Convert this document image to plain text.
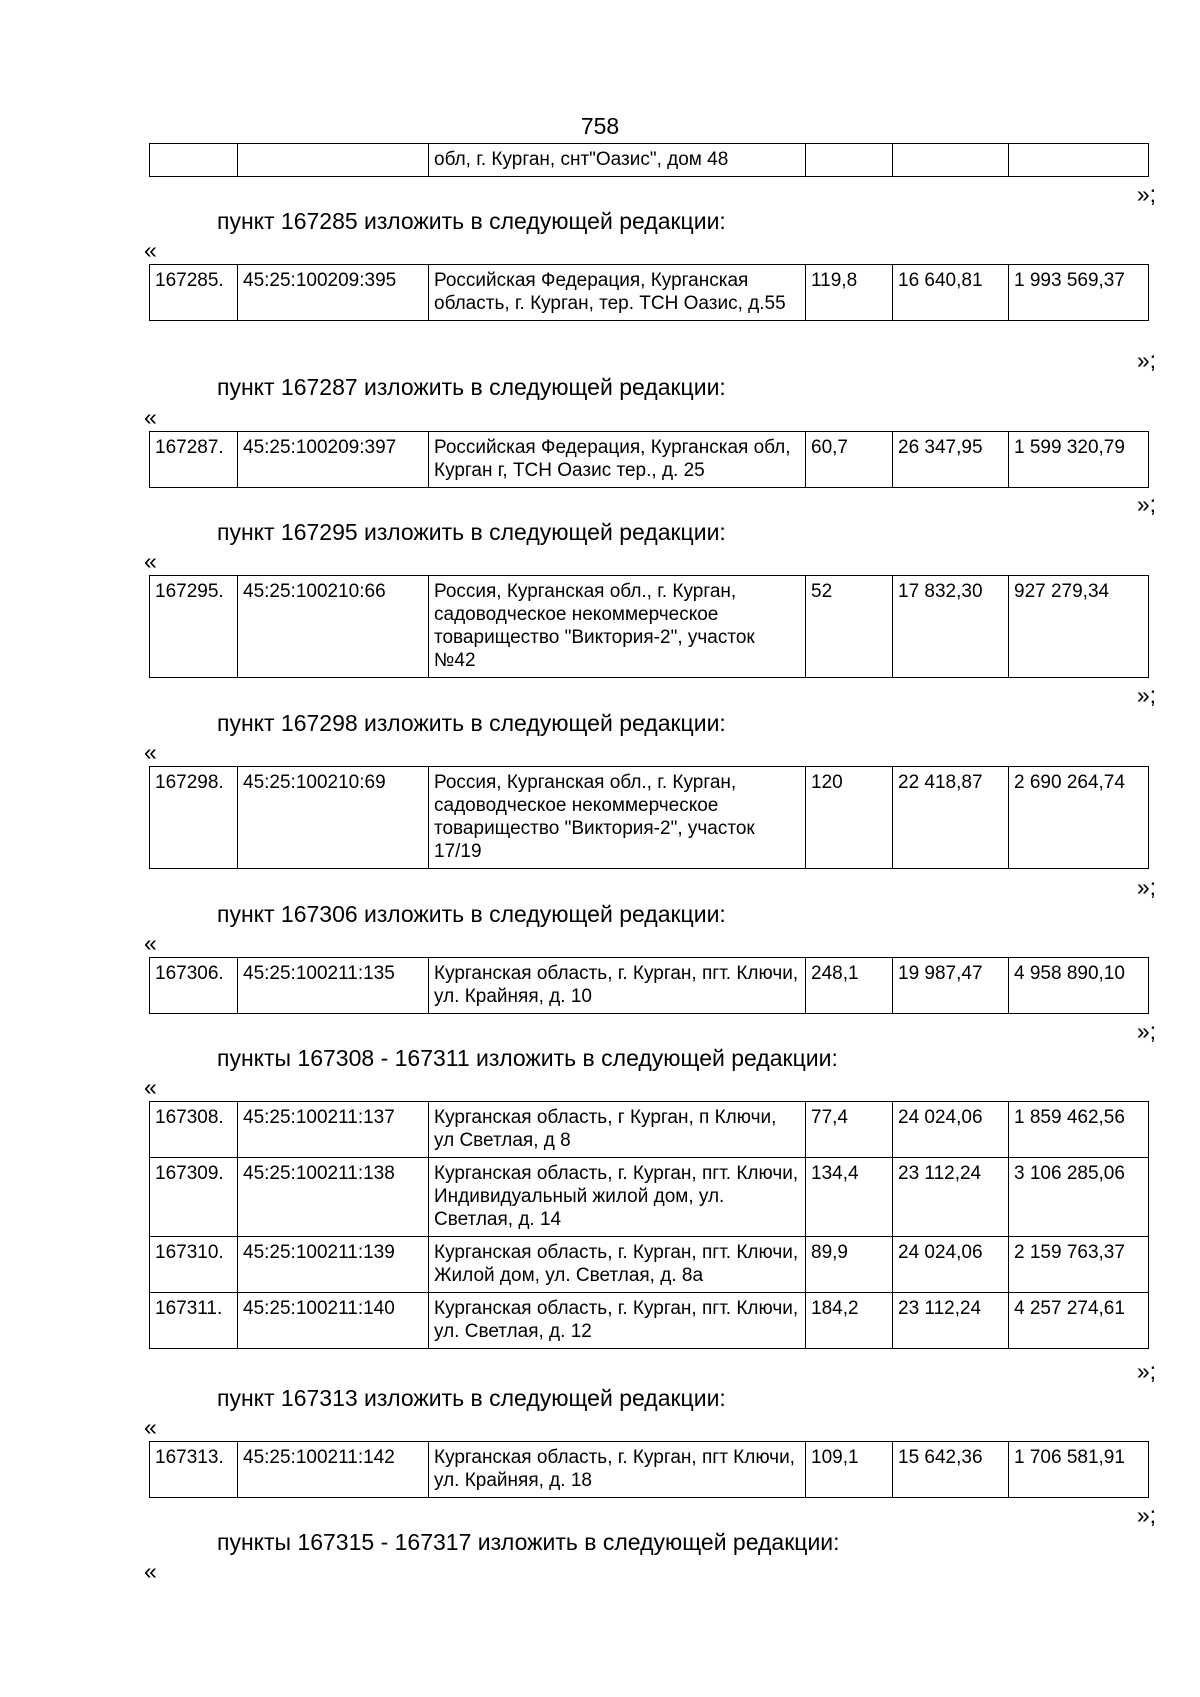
758
		обл, г. Курган, снт"Оазис", дом 48			
»;
пункт 167285 изложить в следующей редакции:
«
167285.	45:25:100209:395	Российская Федерация, Курганская область, г. Курган, тер. ТСН Оазис, д.55	119,8	16 640,81	1 993 569,37
»;
пункт 167287 изложить в следующей редакции:
«
167287.	45:25:100209:397	Российская Федерация, Курганская обл, Курган г, ТСН Оазис тер., д. 25	60,7	26 347,95	1 599 320,79
»;
пункт 167295 изложить в следующей редакции:
«
167295.	45:25:100210:66	Россия, Курганская обл., г. Курган, садоводческое некоммерческое товарищество "Виктория-2", участок №42	52	17 832,30	927 279,34
»;
пункт 167298 изложить в следующей редакции:
«
167298.	45:25:100210:69	Россия, Курганская обл., г. Курган, садоводческое некоммерческое товарищество "Виктория-2", участок 17/19	120	22 418,87	2 690 264,74
»;
пункт 167306 изложить в следующей редакции:
«
167306.	45:25:100211:135	Курганская область, г. Курган, пгт. Ключи, ул. Крайняя, д. 10	248,1	19 987,47	4 958 890,10
»;
пункты 167308 - 167311 изложить в следующей редакции:
«
167308.	45:25:100211:137	Курганская область, г Курган, п Ключи, ул Светлая, д 8	77,4	24 024,06	1 859 462,56
167309.	45:25:100211:138	Курганская область, г. Курган, пгт. Ключи, Индивидуальный жилой дом, ул. Светлая, д. 14	134,4	23 112,24	3 106 285,06
167310.	45:25:100211:139	Курганская область, г. Курган, пгт. Ключи, Жилой дом, ул. Светлая, д. 8а	89,9	24 024,06	2 159 763,37
167311.	45:25:100211:140	Курганская область, г. Курган, пгт. Ключи, ул. Светлая, д. 12	184,2	23 112,24	4 257 274,61
»;
пункт 167313 изложить в следующей редакции:
«
167313.	45:25:100211:142	Курганская область, г. Курган, пгт Ключи, ул. Крайняя, д. 18	109,1	15 642,36	1 706 581,91
»;
пункты 167315 - 167317 изложить в следующей редакции:
«
